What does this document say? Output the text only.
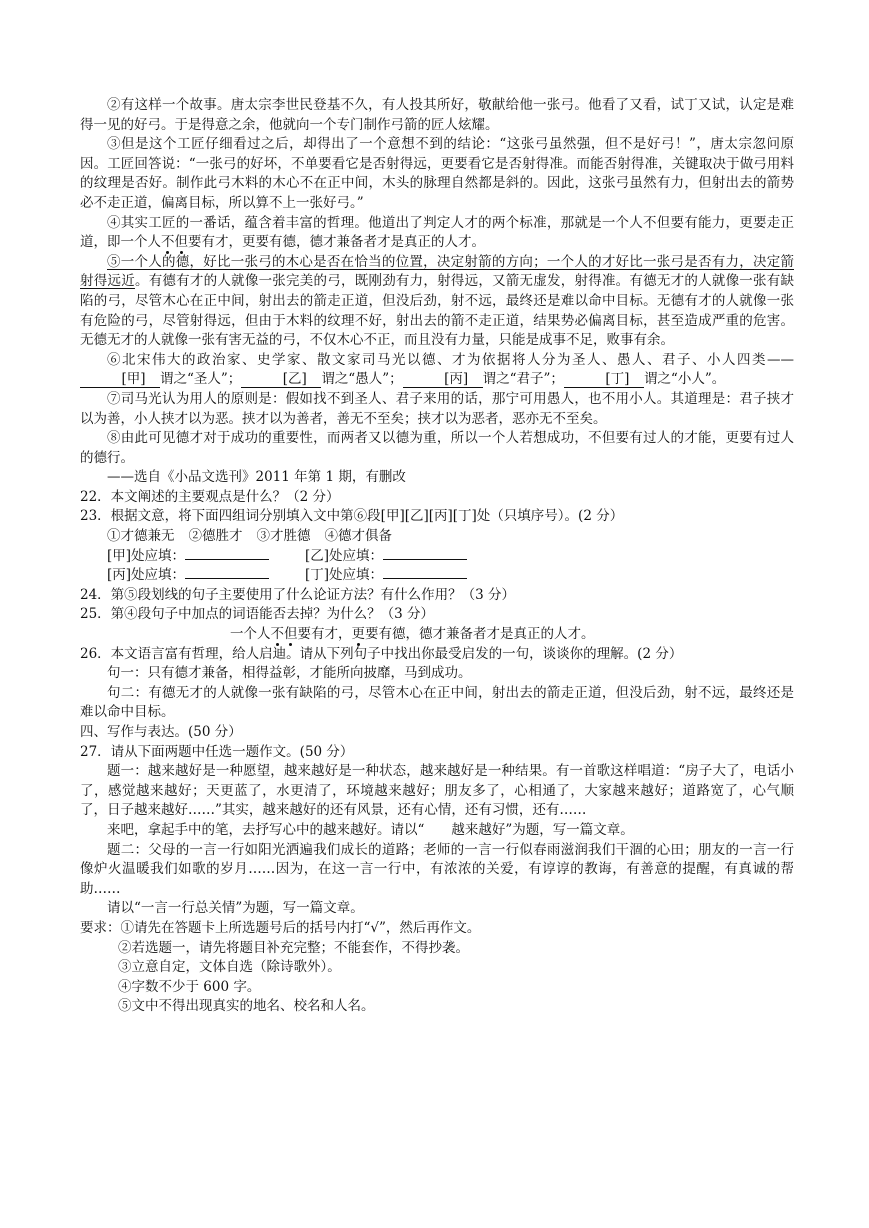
②有这样一个故事。唐太宗李世民登基不久，有人投其所好，敬献给他一张弓。他看了又看，试丁又试，认定是难得一见的好弓。于是得意之余，他就向一个专门制作弓箭的匠人炫耀。

③但是这个工匠仔细看过之后，却得出了一个意想不到的结论：“这张弓虽然强，但不是好弓！”，唐太宗忽问原因。工匠回答说：“一张弓的好坏，不单要看它是否射得远，更要看它是否射得准。而能否射得准，关键取决于做弓用料的纹理是否好。制作此弓木料的木心不在正中间，木头的脉理自然都是斜的。因此，这张弓虽然有力，但射出去的箭势必不走正道，偏离目标，所以算不上一张好弓。”

④其实工匠的一番话，蕴含着丰富的哲理。他道出了判定人才的两个标准，那就是一个人不但要有能力，更要走正道，即一个人不但要有才，更要有德，德才兼备者才是真正的人才。

⑤一个人的德，好比一张弓的木心是否在恰当的位置，决定射箭的方向；一个人的才好比一张弓是否有力，决定箭射得远近。有德有才的人就像一张完美的弓，既刚劲有力，射得远，又箭无虚发，射得准。有德无才的人就像一张有缺陷的弓，尽管木心在正中间，射出去的箭走正道，但没后劲，射不远，最终还是难以命中目标。无德有才的人就像一张有危险的弓，尽管射得远，但由于木料的纹理不好，射出去的箭不走正道，结果势必偏离目标，甚至造成严重的危害。无德无才的人就像一张有害无益的弓，不仅木心不正，而且没有力量，只能是成事不足，败事有余。

⑥北宋伟大的政治家、史学家、散文家司马光以德、才为依据将人分为圣人、愚人、君子、小人四类——[甲] 谓之“圣人”；	[乙] 谓之“愚人”；	[丙] 谓之“君子”；	[丁] 谓之“小人”。

⑦司马光认为用人的原则是：假如找不到圣人、君子来用的话，那宁可用愚人，也不用小人。其道理是：君子挟才以为善，小人挟才以为恶。挟才以为善者，善无不至矣；挟才以为恶者，恶亦无不至矣。

⑧由此可见德才对于成功的重要性，而两者又以德为重，所以一个人若想成功，不但要有过人的才能，更要有过人的德行。

——选自《小品文选刊》2011 年第 1 期，有删改

22．本文阐述的主要观点是什么？（2 分）

23．根据文意，将下面四组词分别填入文中第⑥段[甲][乙][丙][丁]处（只填序号）。(2 分）

①才德兼无 ②德胜才 ③才胜德 ④德才俱备

[甲]处应填：	[乙]处应填：
[丙]处应填：	[丁]处应填：

24．第⑤段划线的句子主要使用了什么论证方法？有什么作用？（3 分）

25．第④段句子中加点的词语能否去掉？为什么？（3 分）

一个人不但要有才，更要有德，德才兼备者才是真正的人才。

26．本文语言富有哲理，给人启迪。请从下列句子中找出你最受启发的一句，谈谈你的理解。(2 分）

句一：只有德才兼备，相得益彰，才能所向披靡，马到成功。

句二：有德无才的人就像一张有缺陷的弓，尽管木心在正中间，射出去的箭走正道，但没后劲，射不远，最终还是难以命中目标。

四、写作与表达。(50 分）

27．请从下面两题中任选一题作文。(50 分）

题一：越来越好是一种愿望，越来越好是一种状态，越来越好是一种结果。有一首歌这样唱道：“房子大了，电话小了，感觉越来越好；天更蓝了，水更清了，环境越来越好；朋友多了，心相通了，大家越来越好；道路宽了，心气顺了，日子越来越好……”其实，越来越好的还有风景，还有心情，还有习惯，还有……

来吧，拿起手中的笔，去抒写心中的越来越好。请以“　　越来越好”为题，写一篇文章。

题二：父母的一言一行如阳光洒遍我们成长的道路；老师的一言一行似春雨滋润我们干涸的心田；朋友的一言一行像炉火温暖我们如歌的岁月……因为，在这一言一行中，有浓浓的关爱，有谆谆的教诲，有善意的提醒，有真诚的帮助……

请以“一言一行总关情”为题，写一篇文章。

要求：①请先在答题卡上所选题号后的括号内打“√”，然后再作文。

②若选题一，请先将题目补充完整；不能套作，不得抄袭。

③立意自定，文体自选（除诗歌外）。

④字数不少于 600 字。

⑤文中不得出现真实的地名、校名和人名。
